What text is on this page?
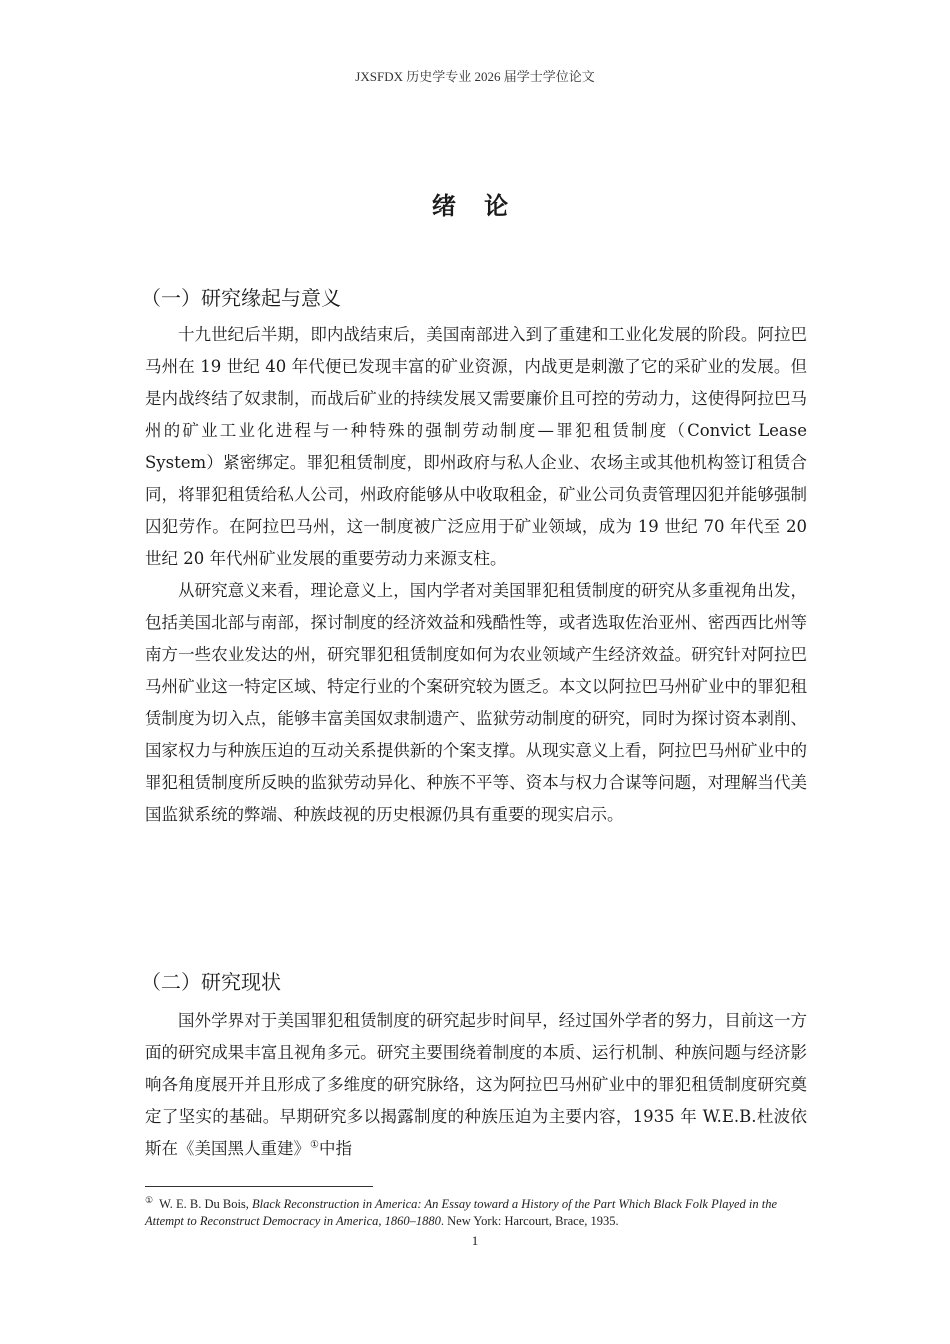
JXSFDX 历史学专业 2026 届学士学位论文
绪 论
（一）研究缘起与意义

十九世纪后半期，即内战结束后，美国南部进入到了重建和工业化发展的阶段。阿拉巴马州在 19 世纪 40 年代便已发现丰富的矿业资源，内战更是刺激了它的采矿业的发展。但是内战终结了奴隶制，而战后矿业的持续发展又需要廉价且可控的劳动力，这使得阿拉巴马州的矿业工业化进程与一种特殊的强制劳动制度—罪犯租赁制度（Convict Lease System）紧密绑定。罪犯租赁制度，即州政府与私人企业、农场主或其他机构签订租赁合同，将罪犯租赁给私人公司，州政府能够从中收取租金，矿业公司负责管理囚犯并能够强制囚犯劳作。在阿拉巴马州，这一制度被广泛应用于矿业领域，成为 19 世纪 70 年代至 20 世纪 20 年代州矿业发展的重要劳动力来源支柱。

从研究意义来看，理论意义上，国内学者对美国罪犯租赁制度的研究从多重视角出发，包括美国北部与南部，探讨制度的经济效益和残酷性等，或者选取佐治亚州、密西西比州等南方一些农业发达的州，研究罪犯租赁制度如何为农业领域产生经济效益。研究针对阿拉巴马州矿业这一特定区域、特定行业的个案研究较为匮乏。本文以阿拉巴马州矿业中的罪犯租赁制度为切入点，能够丰富美国奴隶制遗产、监狱劳动制度的研究，同时为探讨资本剥削、国家权力与种族压迫的互动关系提供新的个案支撑。从现实意义上看，阿拉巴马州矿业中的罪犯租赁制度所反映的监狱劳动异化、种族不平等、资本与权力合谋等问题，对理解当代美国监狱系统的弊端、种族歧视的历史根源仍具有重要的现实启示。

（二）研究现状

国外学界对于美国罪犯租赁制度的研究起步时间早，经过国外学者的努力，目前这一方面的研究成果丰富且视角多元。研究主要围绕着制度的本质、运行机制、种族问题与经济影响各角度展开并且形成了多维度的研究脉络，这为阿拉巴马州矿业中的罪犯租赁制度研究奠定了坚实的基础。早期研究多以揭露制度的种族压迫为主要内容，1935 年 W.E.B.杜波依斯在《美国黑人重建》①中指

① W. E. B. Du Bois, Black Reconstruction in America: An Essay toward a History of the Part Which Black Folk Played in the Attempt to Reconstruct Democracy in America, 1860–1880. New York: Harcourt, Brace, 1935.
1
